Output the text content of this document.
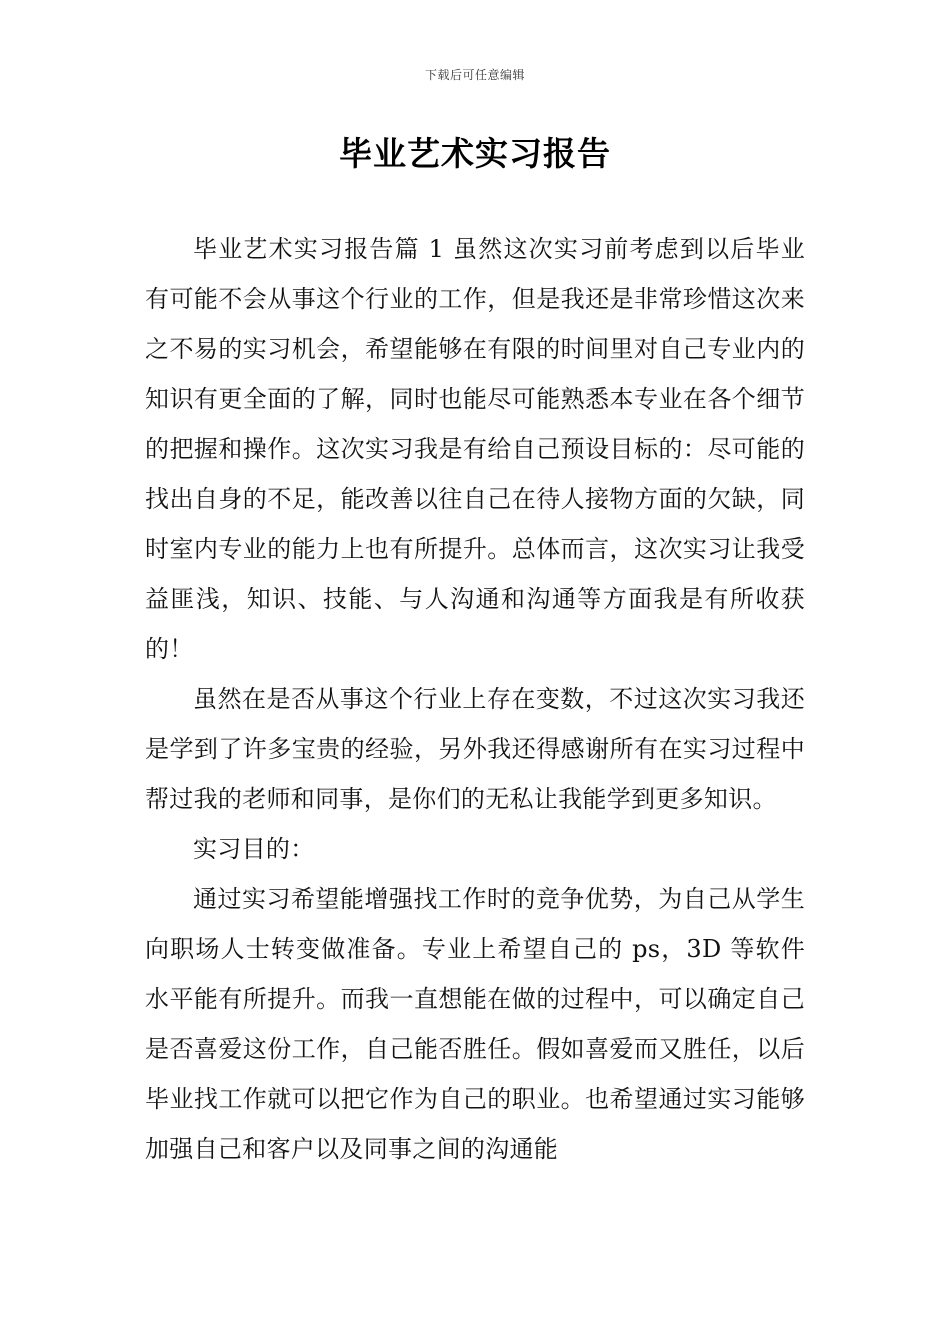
下载后可任意编辑
毕业艺术实习报告

毕业艺术实习报告篇 1 虽然这次实习前考虑到以后毕业有可能不会从事这个行业的工作，但是我还是非常珍惜这次来之不易的实习机会，希望能够在有限的时间里对自己专业内的知识有更全面的了解，同时也能尽可能熟悉本专业在各个细节的把握和操作。这次实习我是有给自己预设目标的：尽可能的找出自身的不足，能改善以往自己在待人接物方面的欠缺，同时室内专业的能力上也有所提升。总体而言，这次实习让我受益匪浅，知识、技能、与人沟通和沟通等方面我是有所收获的！

虽然在是否从事这个行业上存在变数，不过这次实习我还是学到了许多宝贵的经验，另外我还得感谢所有在实习过程中帮过我的老师和同事，是你们的无私让我能学到更多知识。

实习目的：

通过实习希望能增强找工作时的竞争优势，为自己从学生向职场人士转变做准备。专业上希望自己的 ps，3D 等软件水平能有所提升。而我一直想能在做的过程中，可以确定自己是否喜爱这份工作，自己能否胜任。假如喜爱而又胜任，以后毕业找工作就可以把它作为自己的职业。也希望通过实习能够加强自己和客户以及同事之间的沟通能
